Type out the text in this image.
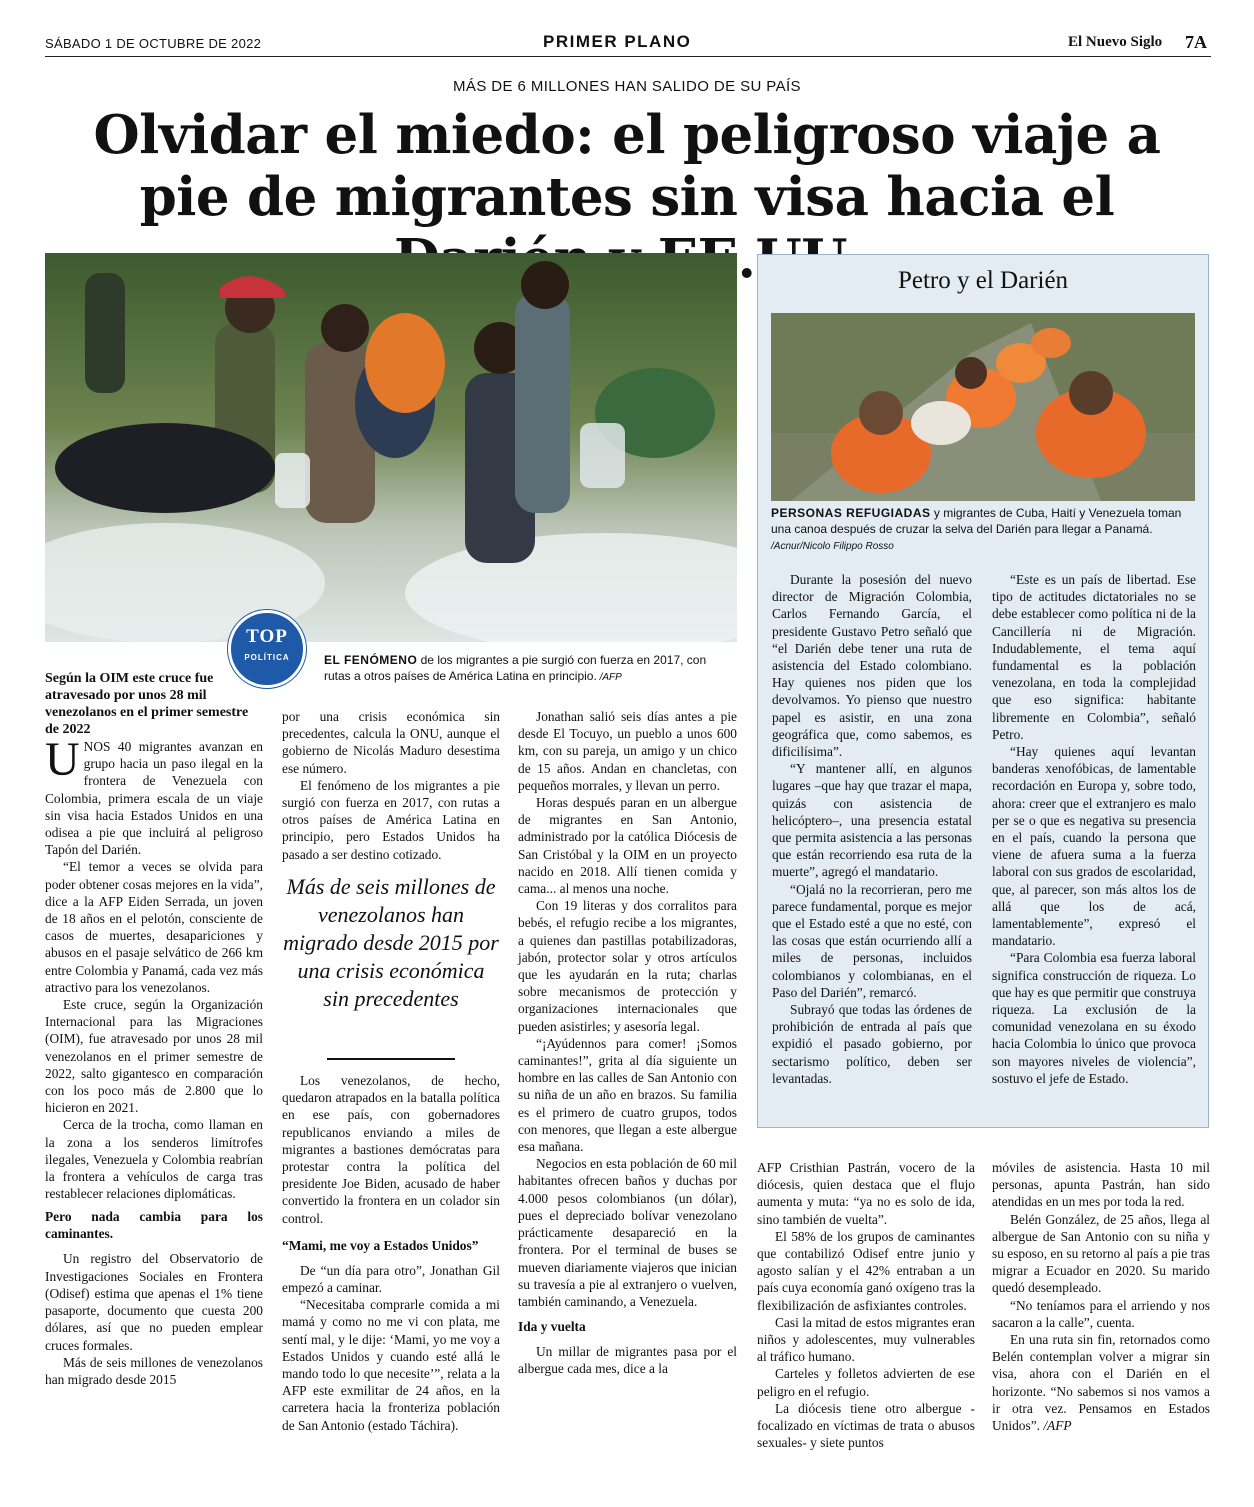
SÁBADO 1 DE OCTUBRE DE 2022	PRIMER PLANO	El Nuevo Siglo 7A
MÁS DE 6 MILLONES HAN SALIDO DE SU PAÍS
Olvidar el miedo: el peligroso viaje a pie de migrantes sin visa hacia el
TOP
POLÍTICA	EL FENÓMENO de los migrantes a pie surgió con fuerza en 2017, con rutas a otros países de América Latina en principio. /AFP
Según la OIM este cruce fue atravesado por unos 28 mil venezolanos en el primer semestre de 2022

UNOS 40 migrantes avanzan en grupo hacia un paso ilegal en la frontera de Venezuela con Colombia, primera escala de un viaje sin visa hacia Estados Unidos en una odisea a pie que incluirá al peligroso Tapón del Darién.

“El temor a veces se olvida para poder obtener cosas mejores en la vida”, dice a la AFP Eiden Serrada, un joven de 18 años en el pelotón, consciente de casos de muertes, desapariciones y abusos en el pasaje selvático de 266 km entre Colombia y Panamá, cada vez más atractivo para los venezolanos.

Este cruce, según la Organización Internacional para las Migraciones (OIM), fue atravesado por unos 28 mil venezolanos en el primer semestre de 2022, salto gigantesco en comparación con los poco más de 2.800 que lo hicieron en 2021.

Cerca de la trocha, como llaman en la zona a los senderos limítrofes ilegales, Venezuela y Colombia reabrían la frontera a vehículos de carga tras restablecer relaciones diplomáticas.

Pero nada cambia para los caminantes.

Un registro del Observatorio de Investigaciones Sociales en Frontera (Odisef) estima que apenas el 1% tiene pasaporte, documento que cuesta 200 dólares, así que no pueden emplear cruces formales.

Más de seis millones de venezolanos han migrado desde 2015

por una crisis económica sin precedentes, calcula la ONU, aunque el gobierno de Nicolás Maduro desestima ese número.

El fenómeno de los migrantes a pie surgió con fuerza en 2017, con rutas a otros países de América Latina en principio, pero Estados Unidos ha pasado a ser destino cotizado.

Más de seis millones de venezolanos han migrado desde 2015 por una crisis económica sin precedentes

Los venezolanos, de hecho, quedaron atrapados en la batalla política en ese país, con gobernadores republicanos enviando a miles de migrantes a bastiones demócratas para protestar contra la política del presidente Joe Biden, acusado de haber convertido la frontera en un colador sin control.

“Mami, me voy a Estados Unidos”

De “un día para otro”, Jonathan Gil empezó a caminar.

“Necesitaba comprarle comida a mi mamá y como no me vi con plata, me sentí mal, y le dije: ‘Mami, yo me voy a Estados Unidos y cuando esté allá le mando todo lo que necesite’”, relata a la AFP este exmilitar de 24 años, en la carretera hacia la fronteriza población de San Antonio (estado Táchira).

Jonathan salió seis días antes a pie desde El Tocuyo, un pueblo a unos 600 km, con su pareja, un amigo y un chico de 15 años. Andan en chancletas, con pequeños morrales, y llevan un perro.

Horas después paran en un albergue de migrantes en San Antonio, administrado por la católica Diócesis de San Cristóbal y la OIM en un proyecto nacido en 2018. Allí tienen comida y cama... al menos una noche.

Con 19 literas y dos corralitos para bebés, el refugio recibe a los migrantes, a quienes dan pastillas potabilizadoras, jabón, protector solar y otros artículos que les ayudarán en la ruta; charlas sobre mecanismos de protección y organizaciones internacionales que pueden asistirles; y asesoría legal.

“¡Ayúdennos para comer! ¡Somos caminantes!”, grita al día siguiente un hombre en las calles de San Antonio con su niña de un año en brazos. Su familia es el primero de cuatro grupos, todos con menores, que llegan a este albergue esa mañana.

Negocios en esta población de 60 mil habitantes ofrecen baños y duchas por 4.000 pesos colombianos (un dólar), pues el depreciado bolívar venezolano prácticamente desapareció en la frontera. Por el terminal de buses se mueven diariamente viajeros que inician su travesía a pie al extranjero o vuelven, también caminando, a Venezuela.

Ida y vuelta

Un millar de migrantes pasa por el albergue cada mes, dice a la

Petro y el Darién
PERSONAS REFUGIADAS y migrantes de Cuba, Haití y Venezuela toman una canoa después de cruzar la selva del Darién para llegar a Panamá.
/Acnur/Nicolo Filippo Rosso

Durante la posesión del nuevo director de Migración Colombia, Carlos Fernando García, el presidente Gustavo Petro señaló que “el Darién debe tener una ruta de asistencia del Estado colombiano. Hay quienes nos piden que los devolvamos. Yo pienso que nuestro papel es asistir, en una zona geográfica que, como sabemos, es dificilísima”.

“Y mantener allí, en algunos lugares –que hay que trazar el mapa, quizás con asistencia de helicóptero–, una presencia estatal que permita asistencia a las personas que están recorriendo esa ruta de la muerte”, agregó el mandatario.

“Ojalá no la recorrieran, pero me parece fundamental, porque es mejor que el Estado esté a que no esté, con las cosas que están ocurriendo allí a miles de personas, incluidos colombianos y colombianas, en el Paso del Darién”, remarcó.

Subrayó que todas las órdenes de prohibición de entrada al país que expidió el pasado gobierno, por sectarismo político, deben ser levantadas.

“Este es un país de libertad. Ese tipo de actitudes dictatoriales no se debe establecer como política ni de la Cancillería ni de Migración. Indudablemente, el tema aquí fundamental es la población venezolana, en toda la complejidad que eso significa: habitante libremente en Colombia”, señaló Petro.

“Hay quienes aquí levantan banderas xenofóbicas, de lamentable recordación en Europa y, sobre todo, ahora: creer que el extranjero es malo per se o que es negativa su presencia en el país, cuando la persona que viene de afuera suma a la fuerza laboral con sus grados de escolaridad, que, al parecer, son más altos los de allá que los de acá, lamentablemente”, expresó el mandatario.

“Para Colombia esa fuerza laboral significa construcción de riqueza. Lo que hay es que permitir que construya riqueza. La exclusión de la comunidad venezolana en su éxodo hacia Colombia lo único que provoca son mayores niveles de violencia”, sostuvo el jefe de Estado.

AFP Cristhian Pastrán, vocero de la diócesis, quien destaca que el flujo aumenta y muta: “ya no es solo de ida, sino también de vuelta”.

El 58% de los grupos de caminantes que contabilizó Odisef entre junio y agosto salían y el 42% entraban a un país cuya economía ganó oxígeno tras la flexibilización de asfixiantes controles.

Casi la mitad de estos migrantes eran niños y adolescentes, muy vulnerables al tráfico humano.

Carteles y folletos advierten de ese peligro en el refugio.

La diócesis tiene otro albergue -focalizado en víctimas de trata o abusos sexuales- y siete puntos

móviles de asistencia. Hasta 10 mil personas, apunta Pastrán, han sido atendidas en un mes por toda la red.

Belén González, de 25 años, llega al albergue de San Antonio con su niña y su esposo, en su retorno al país a pie tras migrar a Ecuador en 2020. Su marido quedó desempleado.

“No teníamos para el arriendo y nos sacaron a la calle”, cuenta.

En una ruta sin fin, retornados como Belén contemplan volver a migrar sin visa, ahora con el Darién en el horizonte. “No sabemos si nos vamos a ir otra vez. Pensamos en Estados Unidos”. /AFP
